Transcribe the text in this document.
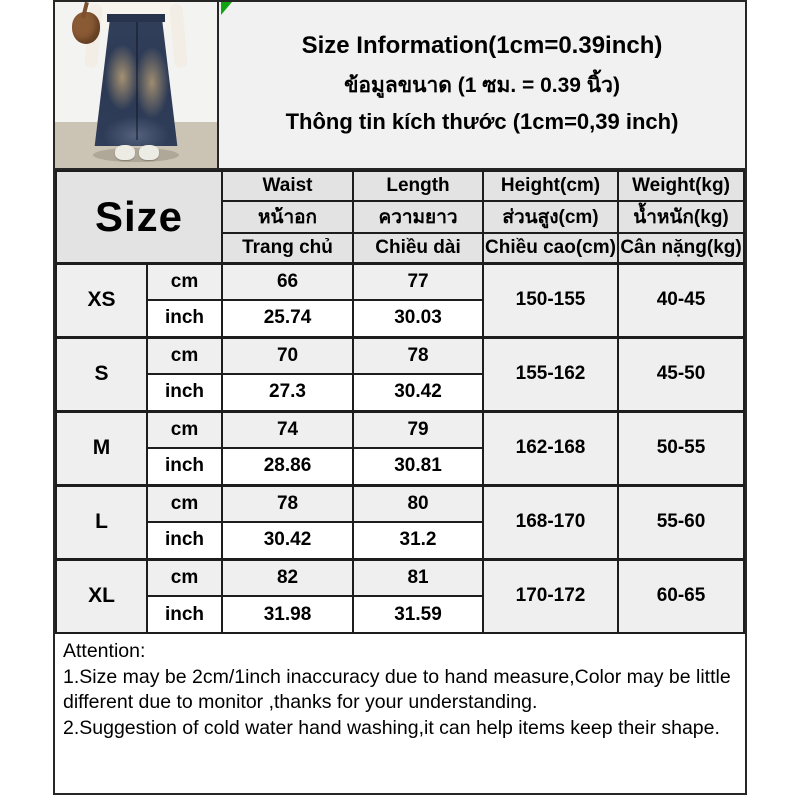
Size Information(1cm=0.39inch)
ข้อมูลขนาด (1 ซม. = 0.39 นิ้ว)
Thông tin kích thước (1cm=0,39 inch)
Size		Waist	Length	Height(cm)	Weight(kg)
		หน้าอก	ความยาว	ส่วนสูง(cm)	น้ำหนัก(kg)
		Trang chủ	Chiều dài	Chiều cao(cm)	Cân nặng(kg)
XS	cm	66	77	150-155	40-45
	inch	25.74	30.03		
S	cm	70	78	155-162	45-50
	inch	27.3	30.42		
M	cm	74	79	162-168	50-55
	inch	28.86	30.81		
L	cm	78	80	168-170	55-60
	inch	30.42	31.2		
XL	cm	82	81	170-172	60-65
	inch	31.98	31.59		
Attention:
1.Size may be 2cm/1inch inaccuracy due to hand measure,Color may be little different due to monitor ,thanks for your understanding.
2.Suggestion of cold water hand washing,it can help items keep their shape.
